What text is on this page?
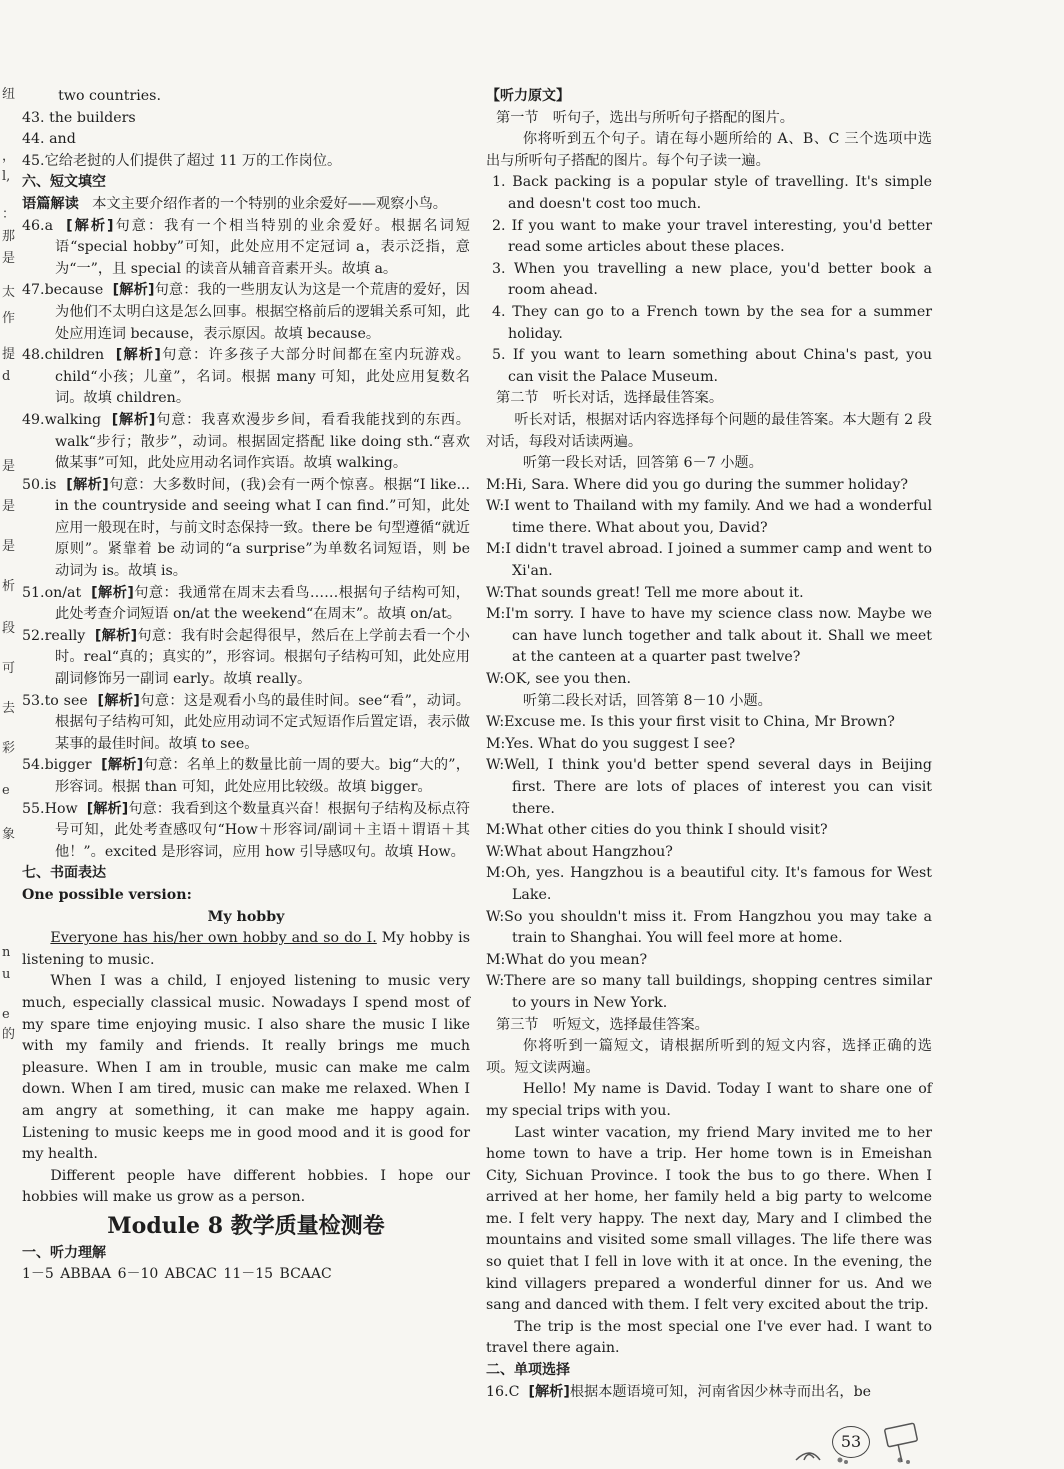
纽
，
l,
：
那
是
太
作
提
d
是
是
是
析
段
可
去
彩
e
象
n
u
e
的

two countries.

43. the builders

44. and

45.它给老挝的人们提供了超过 11 万的工作岗位。

六、短文填空

语篇解读 本文主要介绍作者的一个特别的业余爱好——观察小鸟。

46.a [解析]句意：我有一个相当特别的业余爱好。根据名词短语“special hobby”可知，此处应用不定冠词 a，表示泛指，意为“一”，且 special 的读音从辅音音素开头。故填 a。

47.because [解析]句意：我的一些朋友认为这是一个荒唐的爱好，因为他们不太明白这是怎么回事。根据空格前后的逻辑关系可知，此处应用连词 because，表示原因。故填 because。

48.children [解析]句意：许多孩子大部分时间都在室内玩游戏。child“小孩；儿童”，名词。根据 many 可知，此处应用复数名词。故填 children。

49.walking [解析]句意：我喜欢漫步乡间，看看我能找到的东西。walk“步行；散步”，动词。根据固定搭配 like doing sth.“喜欢做某事”可知，此处应用动名词作宾语。故填 walking。

50.is [解析]句意：大多数时间，(我)会有一两个惊喜。根据“I like... in the countryside and seeing what I can find.”可知，此处应用一般现在时，与前文时态保持一致。there be 句型遵循“就近原则”。紧靠着 be 动词的“a surprise”为单数名词短语，则 be 动词为 is。故填 is。

51.on/at [解析]句意：我通常在周末去看鸟……根据句子结构可知，此处考查介词短语 on/at the weekend“在周末”。故填 on/at。

52.really [解析]句意：我有时会起得很早，然后在上学前去看一个小时。real“真的；真实的”，形容词。根据句子结构可知，此处应用副词修饰另一副词 early。故填 really。

53.to see [解析]句意：这是观看小鸟的最佳时间。see“看”，动词。根据句子结构可知，此处应用动词不定式短语作后置定语，表示做某事的最佳时间。故填 to see。

54.bigger [解析]句意：名单上的数量比前一周的要大。big“大的”，形容词。根据 than 可知，此处应用比较级。故填 bigger。

55.How [解析]句意：我看到这个数量真兴奋！根据句子结构及标点符号可知，此处考查感叹句“How＋形容词/副词＋主语＋谓语＋其他！”。excited 是形容词，应用 how 引导感叹句。故填 How。

七、书面表达

One possible version:

My hobby

Everyone has his/her own hobby and so do I. My hobby is listening to music.

When I was a child, I enjoyed listening to music very much, especially classical music. Nowadays I spend most of my spare time enjoying music. I also share the music I like with my family and friends. It really brings me much pleasure. When I am in trouble, music can make me calm down. When I am tired, music can make me relaxed. When I am angry at something, it can make me happy again. Listening to music keeps me in good mood and it is good for my health.

Different people have different hobbies. I hope our hobbies will make us grow as a person.

Module 8 教学质量检测卷

一、听力理解

1－5 ABBAA 6－10 ABCAC 11－15 BCAAC

【听力原文】

第一节　听句子，选出与所听句子搭配的图片。

你将听到五个句子。请在每小题所给的 A、B、C 三个选项中选出与所听句子搭配的图片。每个句子读一遍。

1. Back packing is a popular style of travelling. It's simple and doesn't cost too much.

2. If you want to make your travel interesting, you'd better read some articles about these places.

3. When you travelling a new place, you'd better book a room ahead.

4. They can go to a French town by the sea for a summer holiday.

5. If you want to learn something about China's past, you can visit the Palace Museum.

第二节　听长对话，选择最佳答案。

听长对话，根据对话内容选择每个问题的最佳答案。本大题有 2 段对话，每段对话读两遍。

听第一段长对话，回答第 6－7 小题。

M:Hi, Sara. Where did you go during the summer holiday?

W:I went to Thailand with my family. And we had a wonderful time there. What about you, David?

M:I didn't travel abroad. I joined a summer camp and went to Xi'an.

W:That sounds great! Tell me more about it.

M:I'm sorry. I have to have my science class now. Maybe we can have lunch together and talk about it. Shall we meet at the canteen at a quarter past twelve?

W:OK, see you then.

听第二段长对话，回答第 8－10 小题。

W:Excuse me. Is this your first visit to China, Mr Brown?

M:Yes. What do you suggest I see?

W:Well, I think you'd better spend several days in Beijing first. There are lots of places of interest you can visit there.

M:What other cities do you think I should visit?

W:What about Hangzhou?

M:Oh, yes. Hangzhou is a beautiful city. It's famous for West Lake.

W:So you shouldn't miss it. From Hangzhou you may take a train to Shanghai. You will feel more at home.

M:What do you mean?

W:There are so many tall buildings, shopping centres similar to yours in New York.

第三节　听短文，选择最佳答案。

你将听到一篇短文，请根据所听到的短文内容，选择正确的选项。短文读两遍。

Hello! My name is David. Today I want to share one of my special trips with you.

Last winter vacation, my friend Mary invited me to her home town to have a trip. Her home town is in Emeishan City, Sichuan Province. I took the bus to go there. When I arrived at her home, her family held a big party to welcome me. I felt very happy. The next day, Mary and I climbed the mountains and visited some small villages. The life there was so quiet that I fell in love with it at once. In the evening, the kind villagers prepared a wonderful dinner for us. And we sang and danced with them. I felt very excited about the trip.

The trip is the most special one I've ever had. I want to travel there again.

二、单项选择

16.C [解析]根据本题语境可知，河南省因少林寺而出名，be

53
